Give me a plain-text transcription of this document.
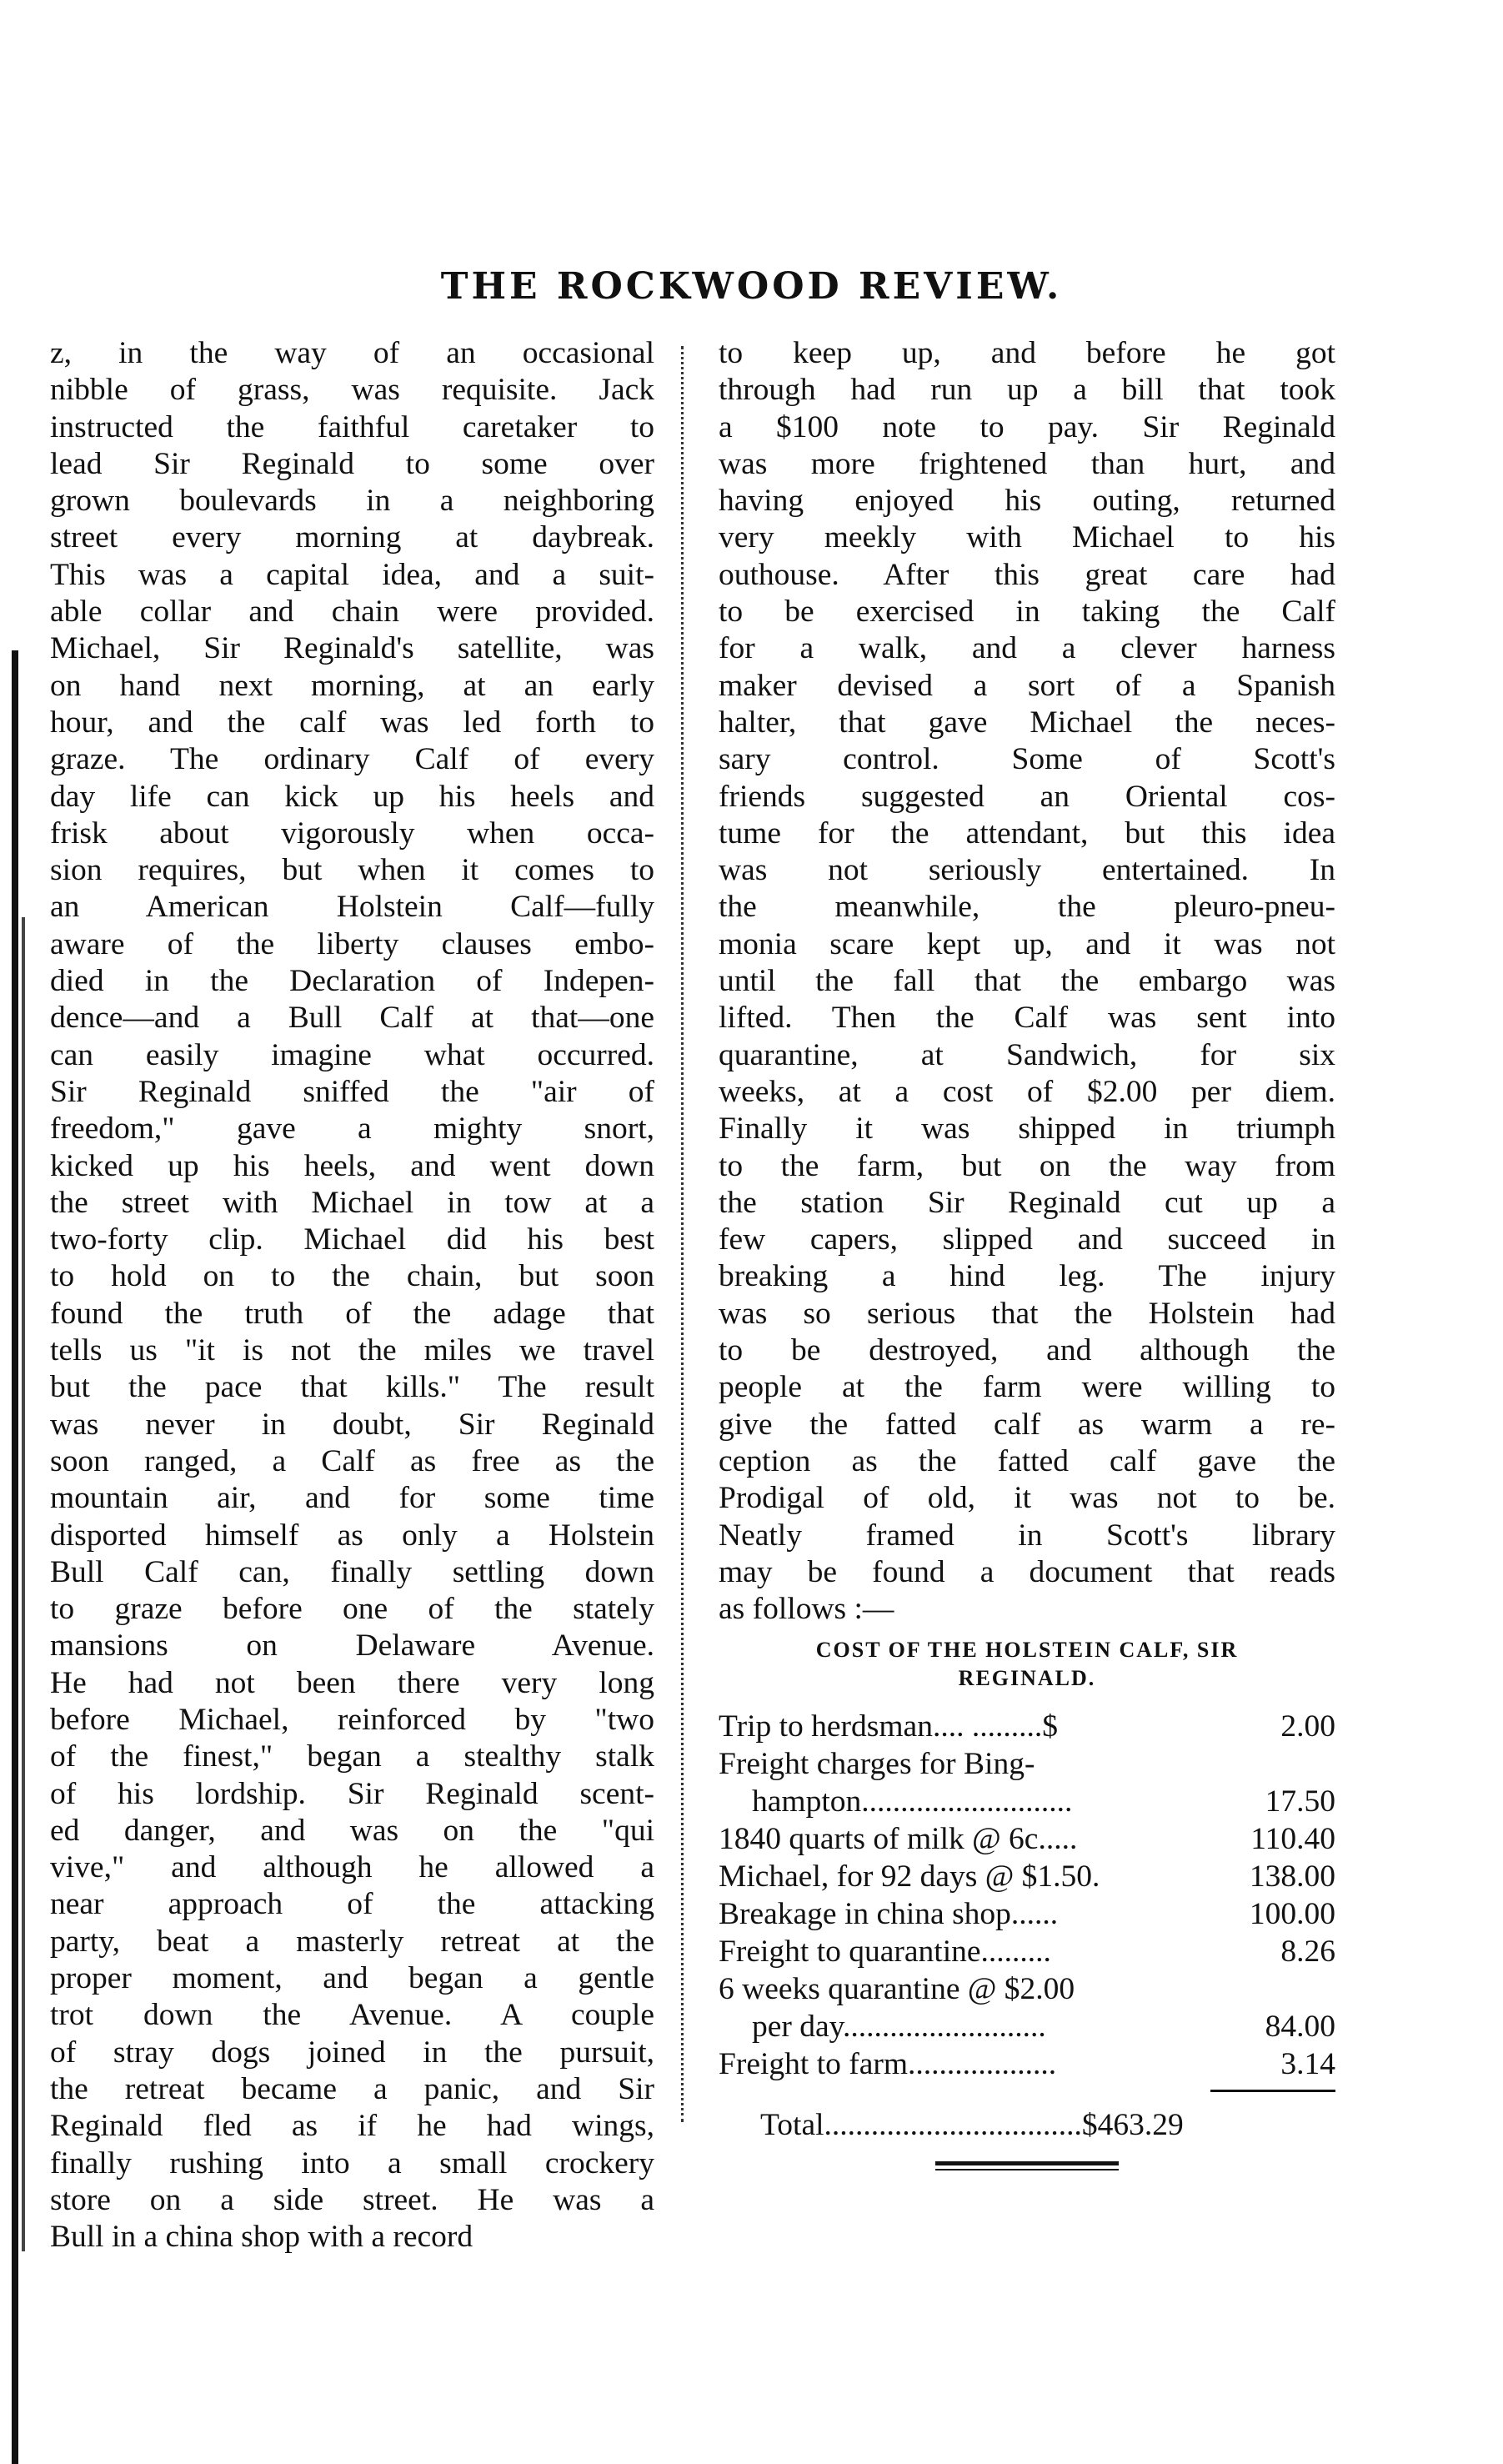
THE ROCKWOOD REVIEW.
z, in the way of an occasional
nibble of grass, was requisite. Jack
instructed the faithful caretaker to
lead Sir Reginald to some over
grown boulevards in a neighboring
street every morning at daybreak.
This was a capital idea, and a suit-
able collar and chain were provided.
Michael, Sir Reginald's satellite, was
on hand next morning, at an early
hour, and the calf was led forth to
graze. The ordinary Calf of every
day life can kick up his heels and
frisk about vigorously when occa-
sion requires, but when it comes to
an American Holstein Calf—fully
aware of the liberty clauses embo-
died in the Declaration of Indepen-
dence—and a Bull Calf at that—one
can easily imagine what occurred.
Sir Reginald sniffed the "air of
freedom," gave a mighty snort,
kicked up his heels, and went down
the street with Michael in tow at a
two-forty clip. Michael did his best
to hold on to the chain, but soon
found the truth of the adage that
tells us "it is not the miles we travel
but the pace that kills." The result
was never in doubt, Sir Reginald
soon ranged, a Calf as free as the
mountain air, and for some time
disported himself as only a Holstein
Bull Calf can, finally settling down
to graze before one of the stately
mansions on Delaware Avenue.
He had not been there very long
before Michael, reinforced by "two
of the finest," began a stealthy stalk
of his lordship. Sir Reginald scent-
ed danger, and was on the "qui
vive," and although he allowed a
near approach of the attacking
party, beat a masterly retreat at the
proper moment, and began a gentle
trot down the Avenue. A couple
of stray dogs joined in the pursuit,
the retreat became a panic, and Sir
Reginald fled as if he had wings,
finally rushing into a small crockery
store on a side street. He was a
Bull in a china shop with a record
to keep up, and before he got
through had run up a bill that took
a $100 note to pay. Sir Reginald
was more frightened than hurt, and
having enjoyed his outing, returned
very meekly with Michael to his
outhouse. After this great care had
to be exercised in taking the Calf
for a walk, and a clever harness
maker devised a sort of a Spanish
halter, that gave Michael the neces-
sary control. Some of Scott's
friends suggested an Oriental cos-
tume for the attendant, but this idea
was not seriously entertained. In
the meanwhile, the pleuro-pneu-
monia scare kept up, and it was not
until the fall that the embargo was
lifted. Then the Calf was sent into
quarantine, at Sandwich, for six
weeks, at a cost of $2.00 per diem.
Finally it was shipped in triumph
to the farm, but on the way from
the station Sir Reginald cut up a
few capers, slipped and succeed in
breaking a hind leg. The injury
was so serious that the Holstein had
to be destroyed, and although the
people at the farm were willing to
give the fatted calf as warm a re-
ception as the fatted calf gave the
Prodigal of old, it was not to be.
Neatly framed in Scott's library
may be found a document that reads
as follows :—
COST OF THE HOLSTEIN CALF, SIR
REGINALD.
Trip to herdsman.... .........$	2.00
Freight charges for Bing-
hampton...........................	17.50
1840 quarts of milk @ 6c.....	110.40
Michael, for 92 days @ $1.50.	138.00
Breakage in china shop......	100.00
Freight to quarantine.........	8.26
6 weeks quarantine @ $2.00
per day..........................	84.00
Freight to farm...................	3.14
Total.................................$463.29
